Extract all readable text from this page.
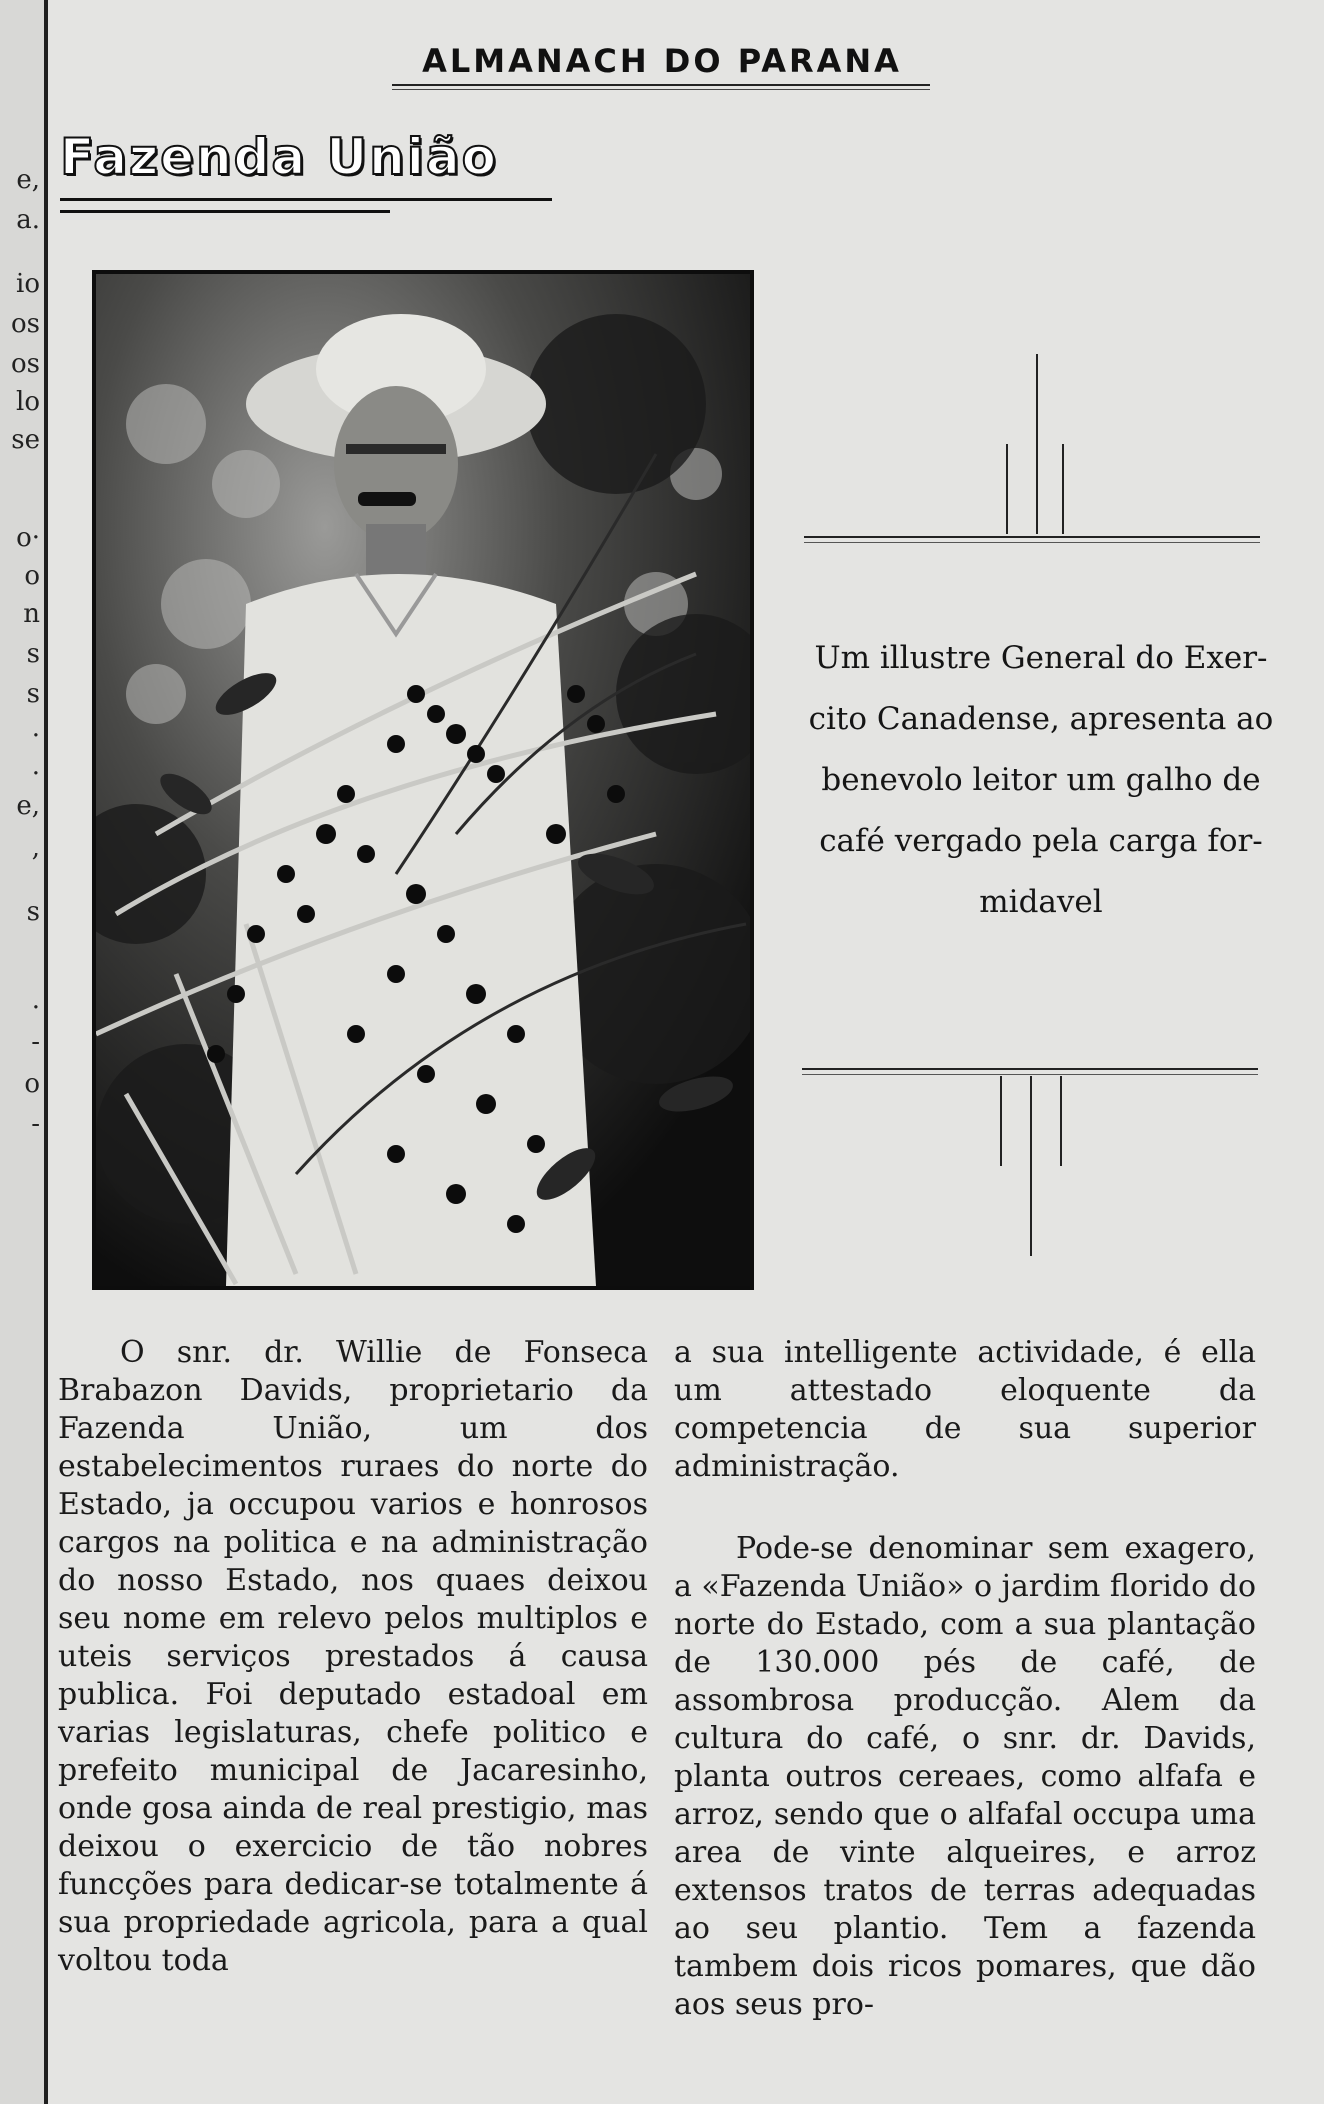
e,
a.
io
os
os
lo
se
o·
o
n
s
s
.
.
e,
,
s
.
-
o
-
ALMANACH DO PARANA
Fazenda União
Um illustre General do Exer‑ cito Canadense, apresenta ao benevolo leitor um galho de café vergado pela carga for‑ midavel

O snr. dr. Willie de Fonseca Brabazon Davids, proprietario da Fazenda União, um dos estabelecimentos ruraes do norte do Estado, ja occupou varios e honrosos cargos na politica e na administração do nosso Estado, nos quaes deixou seu nome em relevo pelos multiplos e uteis serviços prestados á causa publica. Foi deputado estadoal em varias legislaturas, chefe politico e prefeito municipal de Jacaresinho, onde gosa ainda de real prestigio, mas deixou o exercicio de tão nobres funcções para dedicar-se totalmente á sua propriedade agricola, para a qual voltou toda

a sua intelligente actividade, é ella um attestado eloquente da competencia de sua superior administração.

Pode-se denominar sem exagero, a «Fazenda União» o jardim florido do norte do Estado, com a sua plantação de 130.000 pés de café, de assombrosa producção. Alem da cultura do café, o snr. dr. Davids, planta outros cereaes, como alfafa e arroz, sendo que o alfafal occupa uma area de vinte alqueires, e arroz extensos tratos de terras adequadas ao seu plantio. Tem a fazenda tambem dois ricos pomares, que dão aos seus pro-
